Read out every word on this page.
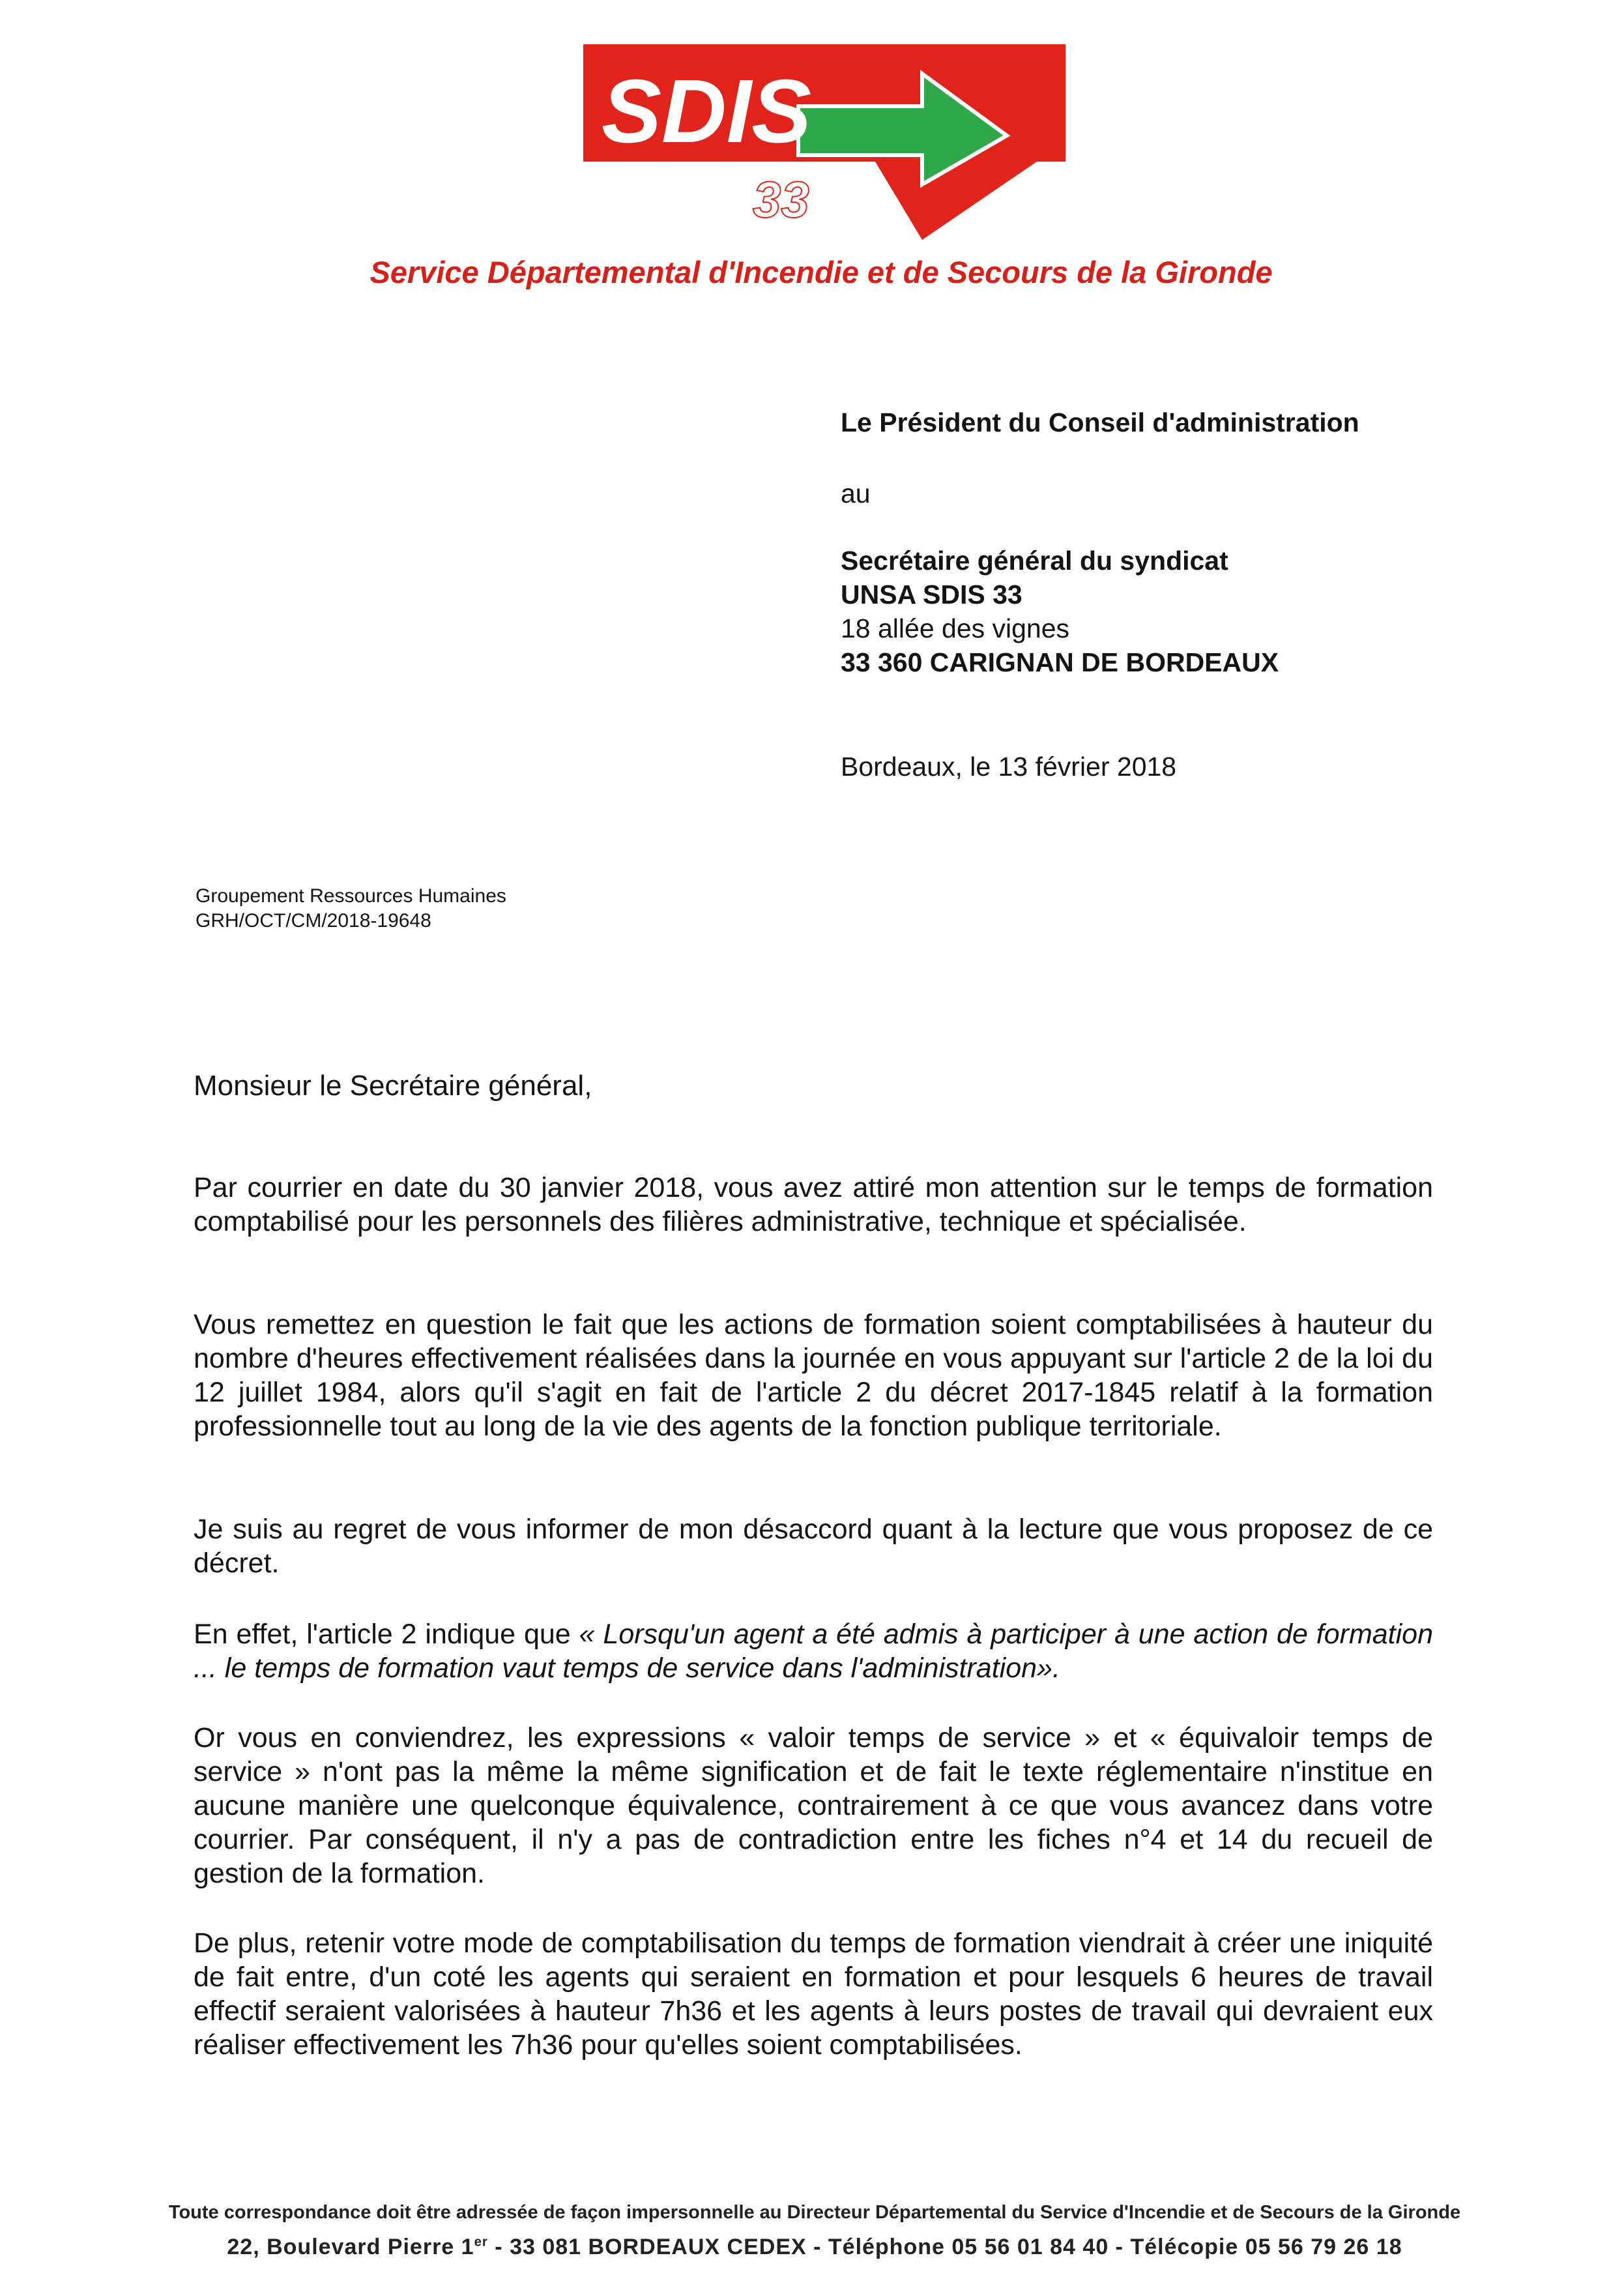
SDIS
33
Service Départemental d'Incendie et de Secours de la Gironde
Le Président du Conseil d'administration
au
Secrétaire général du syndicat
UNSA SDIS 33
18 allée des vignes
33 360 CARIGNAN DE BORDEAUX
Bordeaux, le 13 février 2018
Groupement Ressources Humaines
GRH/OCT/CM/2018-19648
Monsieur le Secrétaire général,
Par courrier en date du 30 janvier 2018, vous avez attiré mon attention sur le temps de formation comptabilisé pour les personnels des filières administrative, technique et spécialisée.
Vous remettez en question le fait que les actions de formation soient comptabilisées à hauteur du nombre d'heures effectivement réalisées dans la journée en vous appuyant sur l'article 2 de la loi du 12 juillet 1984, alors qu'il s'agit en fait de l'article 2 du décret 2017-1845 relatif à la formation professionnelle tout au long de la vie des agents de la fonction publique territoriale.
Je suis au regret de vous informer de mon désaccord quant à la lecture que vous proposez de ce décret.
En effet, l'article 2 indique que « Lorsqu'un agent a été admis à participer à une action de formation ... le temps de formation vaut temps de service dans l'administration».
Or vous en conviendrez, les expressions « valoir temps de service » et « équivaloir temps de service » n'ont pas la même la même signification et de fait le texte réglementaire n'institue en aucune manière une quelconque équivalence, contrairement à ce que vous avancez dans votre courrier. Par conséquent, il n'y a pas de contradiction entre les fiches n°4 et 14 du recueil de gestion de la formation.
De plus, retenir votre mode de comptabilisation du temps de formation viendrait à créer une iniquité de fait entre, d'un coté les agents qui seraient en formation et pour lesquels 6 heures de travail effectif seraient valorisées à hauteur 7h36 et les agents à leurs postes de travail qui devraient eux réaliser effectivement les 7h36 pour qu'elles soient comptabilisées.
Toute correspondance doit être adressée de façon impersonnelle au Directeur Départemental du Service d'Incendie et de Secours de la Gironde
22, Boulevard Pierre 1er - 33 081 BORDEAUX CEDEX - Téléphone 05 56 01 84 40 - Télécopie 05 56 79 26 18
